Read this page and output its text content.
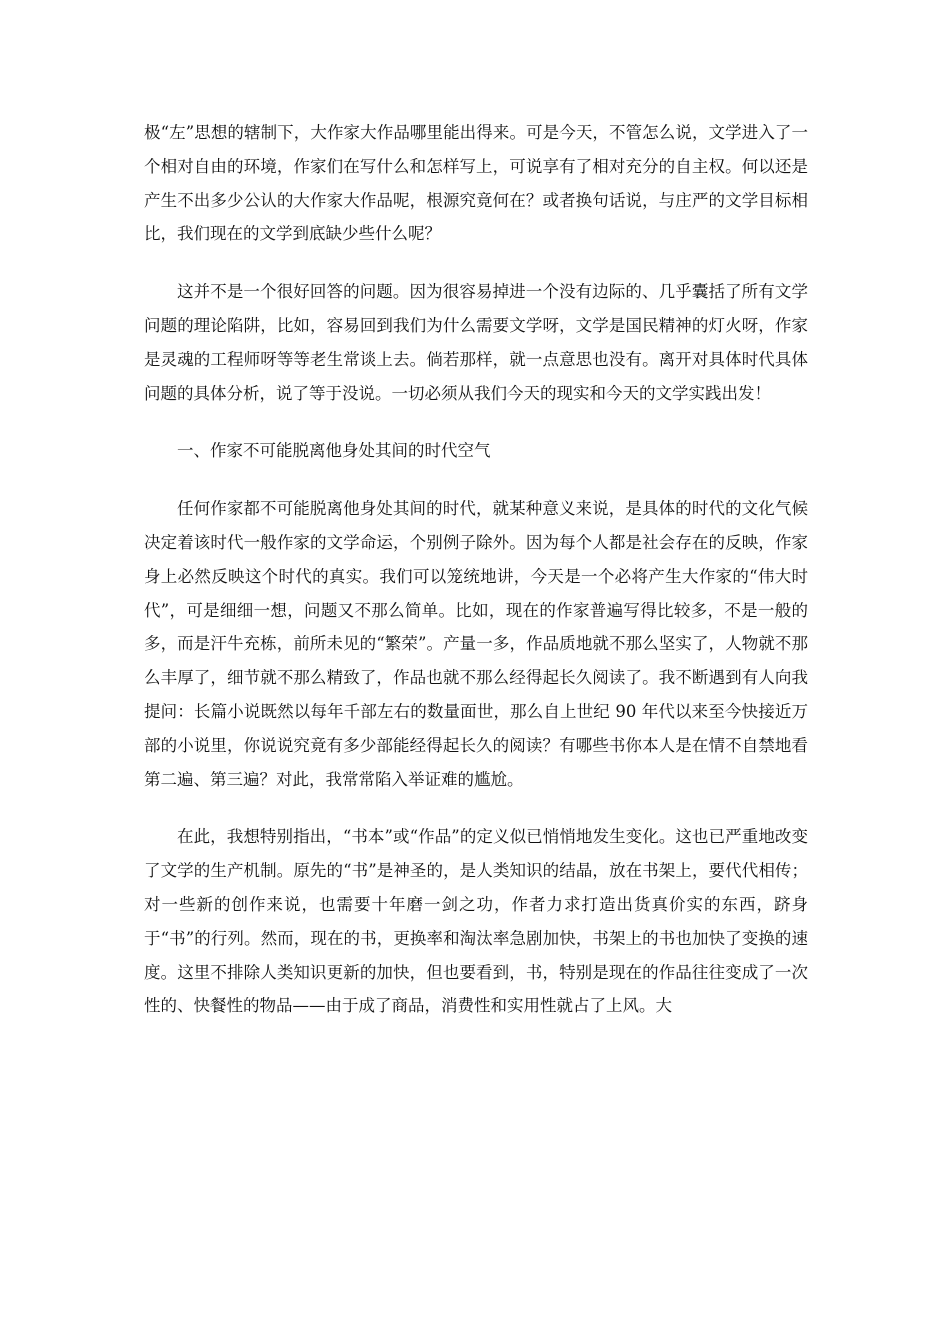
极“左”思想的辖制下，大作家大作品哪里能出得来。可是今天，不管怎么说，文学进入了一个相对自由的环境，作家们在写什么和怎样写上，可说享有了相对充分的自主权。何以还是产生不出多少公认的大作家大作品呢，根源究竟何在？或者换句话说，与庄严的文学目标相比，我们现在的文学到底缺少些什么呢？

这并不是一个很好回答的问题。因为很容易掉进一个没有边际的、几乎囊括了所有文学问题的理论陷阱，比如，容易回到我们为什么需要文学呀，文学是国民精神的灯火呀，作家是灵魂的工程师呀等等老生常谈上去。倘若那样，就一点意思也没有。离开对具体时代具体问题的具体分析，说了等于没说。一切必须从我们今天的现实和今天的文学实践出发！

一、作家不可能脱离他身处其间的时代空气

任何作家都不可能脱离他身处其间的时代，就某种意义来说，是具体的时代的文化气候决定着该时代一般作家的文学命运，个别例子除外。因为每个人都是社会存在的反映，作家身上必然反映这个时代的真实。我们可以笼统地讲，今天是一个必将产生大作家的“伟大时代”，可是细细一想，问题又不那么简单。比如，现在的作家普遍写得比较多，不是一般的多，而是汗牛充栋，前所未见的“繁荣”。产量一多，作品质地就不那么坚实了，人物就不那么丰厚了，细节就不那么精致了，作品也就不那么经得起长久阅读了。我不断遇到有人向我提问：长篇小说既然以每年千部左右的数量面世，那么自上世纪 90 年代以来至今快接近万部的小说里，你说说究竟有多少部能经得起长久的阅读？有哪些书你本人是在情不自禁地看第二遍、第三遍？对此，我常常陷入举证难的尴尬。

在此，我想特别指出，“书本”或“作品”的定义似已悄悄地发生变化。这也已严重地改变了文学的生产机制。原先的“书”是神圣的，是人类知识的结晶，放在书架上，要代代相传；对一些新的创作来说，也需要十年磨一剑之功，作者力求打造出货真价实的东西，跻身于“书”的行列。然而，现在的书，更换率和淘汰率急剧加快，书架上的书也加快了变换的速度。这里不排除人类知识更新的加快，但也要看到，书，特别是现在的作品往往变成了一次性的、快餐性的物品——由于成了商品，消费性和实用性就占了上风。大
